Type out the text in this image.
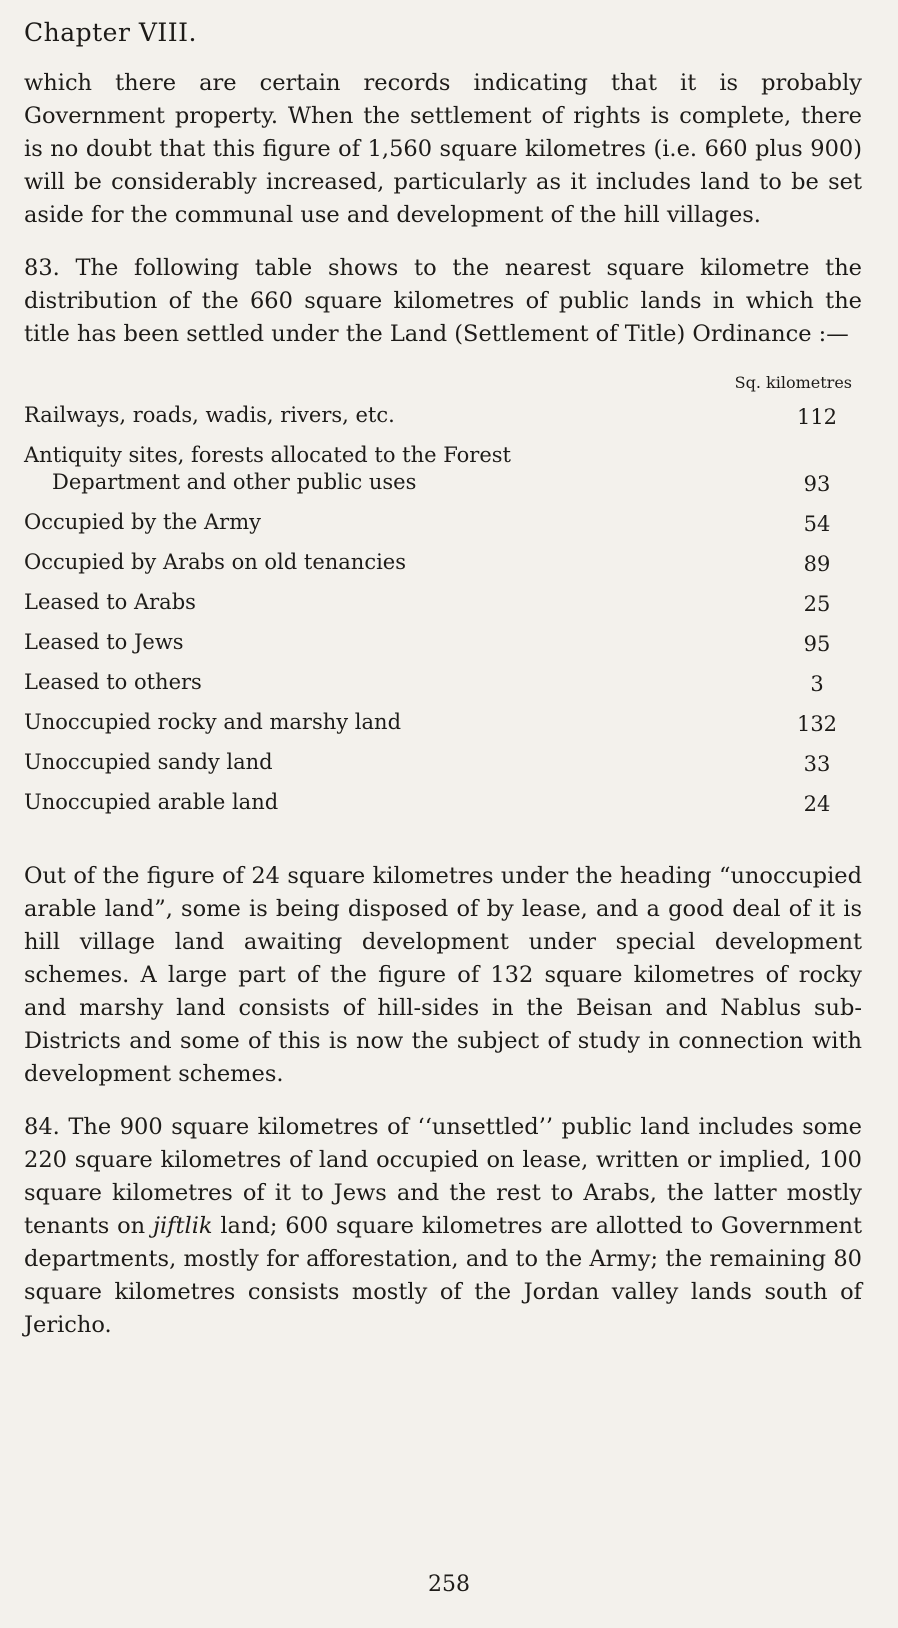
Chapter VIII.

which there are certain records indicating that it is probably Government property. When the settlement of rights is complete, there is no doubt that this figure of 1,560 square kilometres (i.e. 660 plus 900) will be considerably increased, particularly as it includes land to be set aside for the communal use and development of the hill villages.

83. The following table shows to the nearest square kilometre the distribution of the 660 square kilometres of public lands in which the title has been settled under the Land (Settlement of Title) Ordinance :—

Sq. kilometres
Railways, roads, wadis, rivers, etc.	112

Antiquity sites, forests allocated to the Forest
Department and other public uses	93

Occupied by the Army	54

Occupied by Arabs on old tenancies	89

Leased to Arabs	25

Leased to Jews	95

Leased to others	3

Unoccupied rocky and marshy land	132

Unoccupied sandy land	33

Unoccupied arable land	24

Out of the figure of 24 square kilometres under the heading “unoccupied arable land”, some is being disposed of by lease, and a good deal of it is hill village land awaiting development under special development schemes. A large part of the figure of 132 square kilometres of rocky and marshy land consists of hill-sides in the Beisan and Nablus sub-Districts and some of this is now the subject of study in connection with development schemes.

84. The 900 square kilometres of ‘‘unsettled’’ public land includes some 220 square kilometres of land occupied on lease, written or implied, 100 square kilometres of it to Jews and the rest to Arabs, the latter mostly tenants on jiftlik land; 600 square kilometres are allotted to Government departments, mostly for afforestation, and to the Army; the remaining 80 square kilometres consists mostly of the Jordan valley lands south of Jericho.

258
